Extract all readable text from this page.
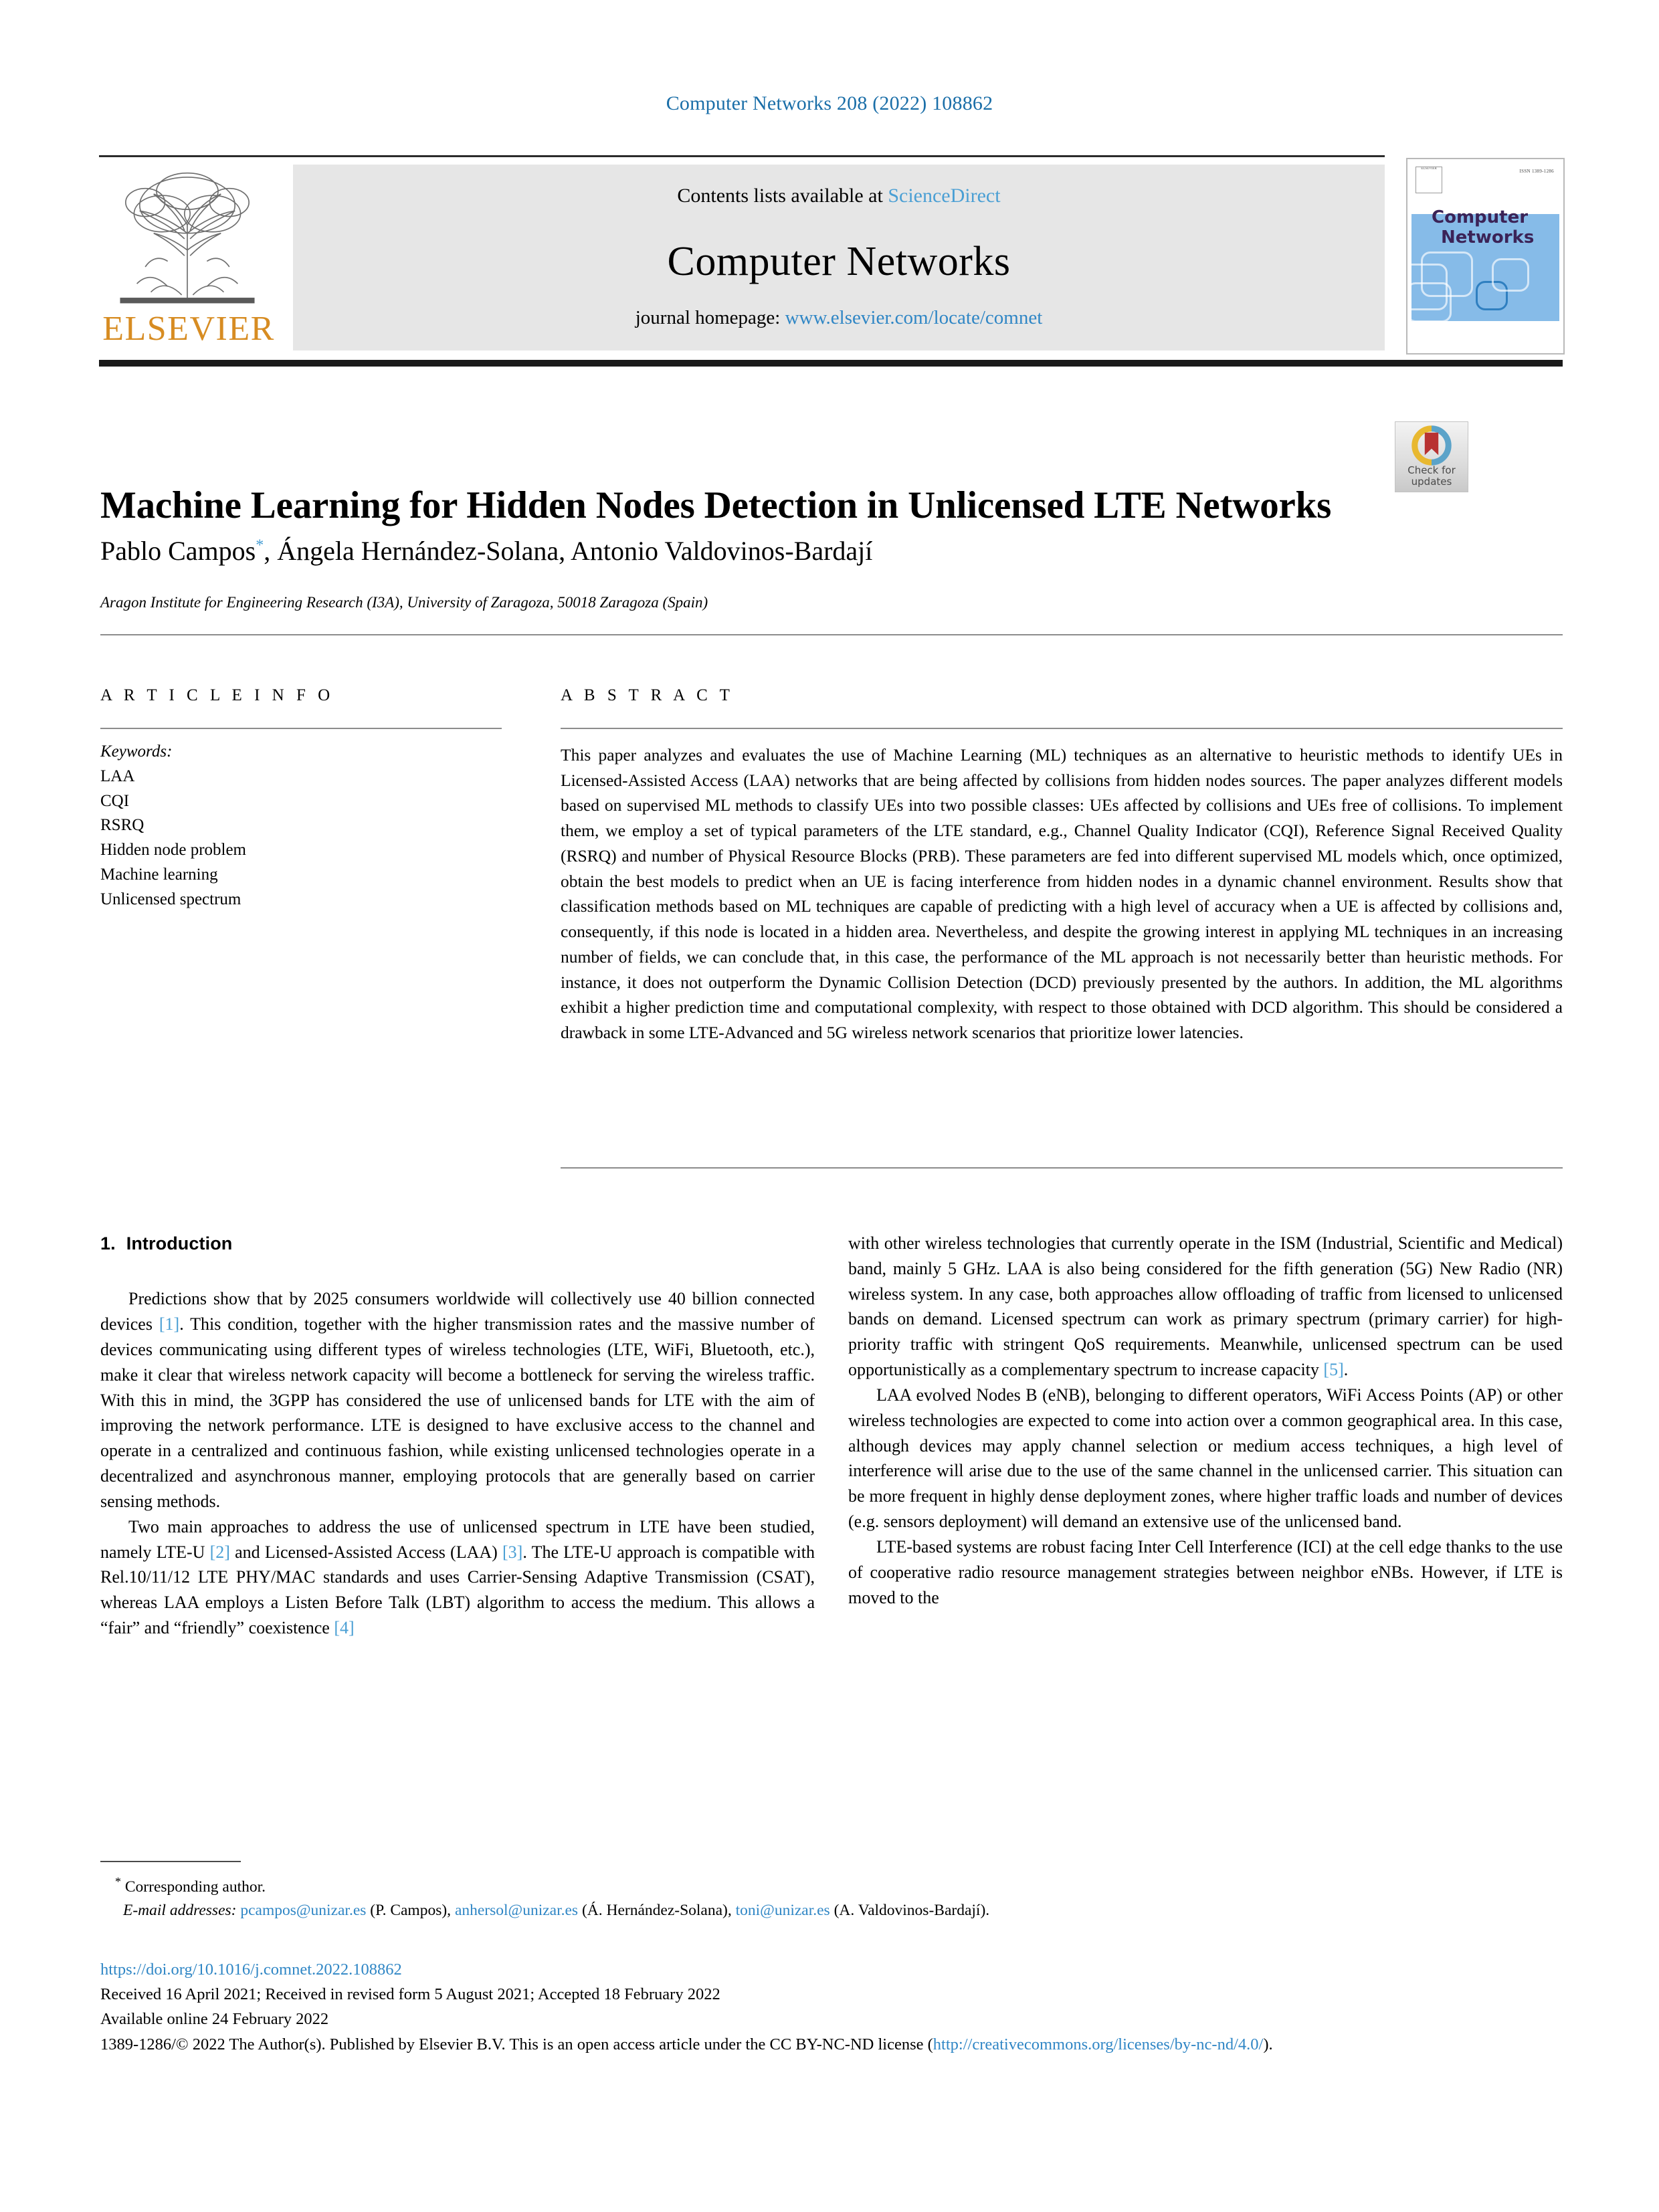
Computer Networks 208 (2022) 108862
ELSEVIER
Contents lists available at ScienceDirect
Computer Networks
journal homepage: www.elsevier.com/locate/comnet
Computer
Networks
ELSEVIER	ISSN 1389-1286
Check for
updates
Machine Learning for Hidden Nodes Detection in Unlicensed LTE Networks
Pablo Campos*, Ángela Hernández-Solana, Antonio Valdovinos-Bardají
Aragon Institute for Engineering Research (I3A), University of Zaragoza, 50018 Zaragoza (Spain)
A R T I C L E I N F O
Keywords:
LAA
CQI
RSRQ
Hidden node problem
Machine learning
Unlicensed spectrum
A B S T R A C T
This paper analyzes and evaluates the use of Machine Learning (ML) techniques as an alternative to heuristic methods to identify UEs in Licensed-Assisted Access (LAA) networks that are being affected by collisions from hidden nodes sources. The paper analyzes different models based on supervised ML methods to classify UEs into two possible classes: UEs affected by collisions and UEs free of collisions. To implement them, we employ a set of typical parameters of the LTE standard, e.g., Channel Quality Indicator (CQI), Reference Signal Received Quality (RSRQ) and number of Physical Resource Blocks (PRB). These parameters are fed into different supervised ML models which, once optimized, obtain the best models to predict when an UE is facing interference from hidden nodes in a dynamic channel environment. Results show that classification methods based on ML techniques are capable of predicting with a high level of accuracy when a UE is affected by collisions and, consequently, if this node is located in a hidden area. Nevertheless, and despite the growing interest in applying ML techniques in an increasing number of fields, we can conclude that, in this case, the performance of the ML approach is not necessarily better than heuristic methods. For instance, it does not outperform the Dynamic Collision Detection (DCD) previously presented by the authors. In addition, the ML algorithms exhibit a higher prediction time and computational complexity, with respect to those obtained with DCD algorithm. This should be considered a drawback in some LTE-Advanced and 5G wireless network scenarios that prioritize lower latencies.
1. Introduction

Predictions show that by 2025 consumers worldwide will collectively use 40 billion connected devices [1]. This condition, together with the higher transmission rates and the massive number of devices communicating using different types of wireless technologies (LTE, WiFi, Bluetooth, etc.), make it clear that wireless network capacity will become a bottleneck for serving the wireless traffic. With this in mind, the 3GPP has considered the use of unlicensed bands for LTE with the aim of improving the network performance. LTE is designed to have exclusive access to the channel and operate in a centralized and continuous fashion, while existing unlicensed technologies operate in a decentralized and asynchronous manner, employing protocols that are generally based on carrier sensing methods.

Two main approaches to address the use of unlicensed spectrum in LTE have been studied, namely LTE-U [2] and Licensed-Assisted Access (LAA) [3]. The LTE-U approach is compatible with Rel.10/11/12 LTE PHY/MAC standards and uses Carrier-Sensing Adaptive Transmission (CSAT), whereas LAA employs a Listen Before Talk (LBT) algorithm to access the medium. This allows a “fair” and “friendly” coexistence [4]

with other wireless technologies that currently operate in the ISM (Industrial, Scientific and Medical) band, mainly 5 GHz. LAA is also being considered for the fifth generation (5G) New Radio (NR) wireless system. In any case, both approaches allow offloading of traffic from licensed to unlicensed bands on demand. Licensed spectrum can work as primary spectrum (primary carrier) for high-priority traffic with stringent QoS requirements. Meanwhile, unlicensed spectrum can be used opportunistically as a complementary spectrum to increase capacity [5].

LAA evolved Nodes B (eNB), belonging to different operators, WiFi Access Points (AP) or other wireless technologies are expected to come into action over a common geographical area. In this case, although devices may apply channel selection or medium access techniques, a high level of interference will arise due to the use of the same channel in the unlicensed carrier. This situation can be more frequent in highly dense deployment zones, where higher traffic loads and number of devices (e.g. sensors deployment) will demand an extensive use of the unlicensed band.

LTE-based systems are robust facing Inter Cell Interference (ICI) at the cell edge thanks to the use of cooperative radio resource management strategies between neighbor eNBs. However, if LTE is moved to the

* Corresponding author.
E-mail addresses: pcampos@unizar.es (P. Campos), anhersol@unizar.es (Á. Hernández-Solana), toni@unizar.es (A. Valdovinos-Bardají).
https://doi.org/10.1016/j.comnet.2022.108862
Received 16 April 2021; Received in revised form 5 August 2021; Accepted 18 February 2022
Available online 24 February 2022
1389-1286/© 2022 The Author(s). Published by Elsevier B.V. This is an open access article under the CC BY-NC-ND license (http://creativecommons.org/licenses/by-nc-nd/4.0/).
